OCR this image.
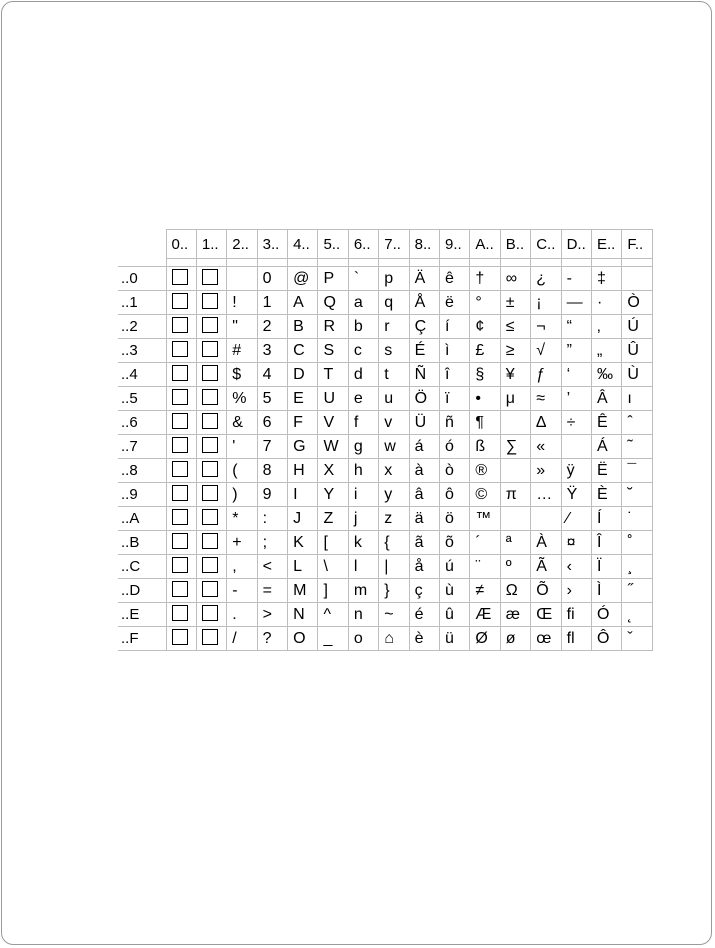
	0..	1..	2..	3..	4..	5..	6..	7..	8..	9..	A..	B..	C..	D..	E..	F..

..0				0	@	P	`	p	Ä	ê	†	∞	¿	-	‡	
..1			!	1	A	Q	a	q	Å	ë	°	±	¡	—	·	Ò
..2			"	2	B	R	b	r	Ç	í	¢	≤	¬	“	‚	Ú
..3			#	3	C	S	c	s	É	ì	£	≥	√	”	„	Û
..4			$	4	D	T	d	t	Ñ	î	§	¥	ƒ	‘	‰	Ù
..5			%	5	E	U	e	u	Ö	ï	•	μ	≈	’	Â	ı
..6			&	6	F	V	f	v	Ü	ñ	¶		∆	÷	Ê	ˆ
..7			'	7	G	W	g	w	á	ó	ß	∑	«		Á	˜
..8			(	8	H	X	h	x	à	ò	®		»	ÿ	Ë	¯
..9			)	9	I	Y	i	y	â	ô	©	π	…	Ÿ	È	˘
..A			*	:	J	Z	j	z	ä	ö	™			⁄	Í	˙
..B			+	;	K	[	k	{	ã	õ	´	ª	À	¤	Î	˚
..C			,	<	L	\	l	|	å	ú	¨	º	Ã	‹	Ï	¸
..D			-	=	M	]	m	}	ç	ù	≠	Ω	Õ	›	Ì	˝
..E			.	>	N	^	n	~	é	û	Æ	æ	Œ	ﬁ	Ó	˛
..F			/	?	O	_	o	⌂	è	ü	Ø	ø	œ	ﬂ	Ô	ˇ
